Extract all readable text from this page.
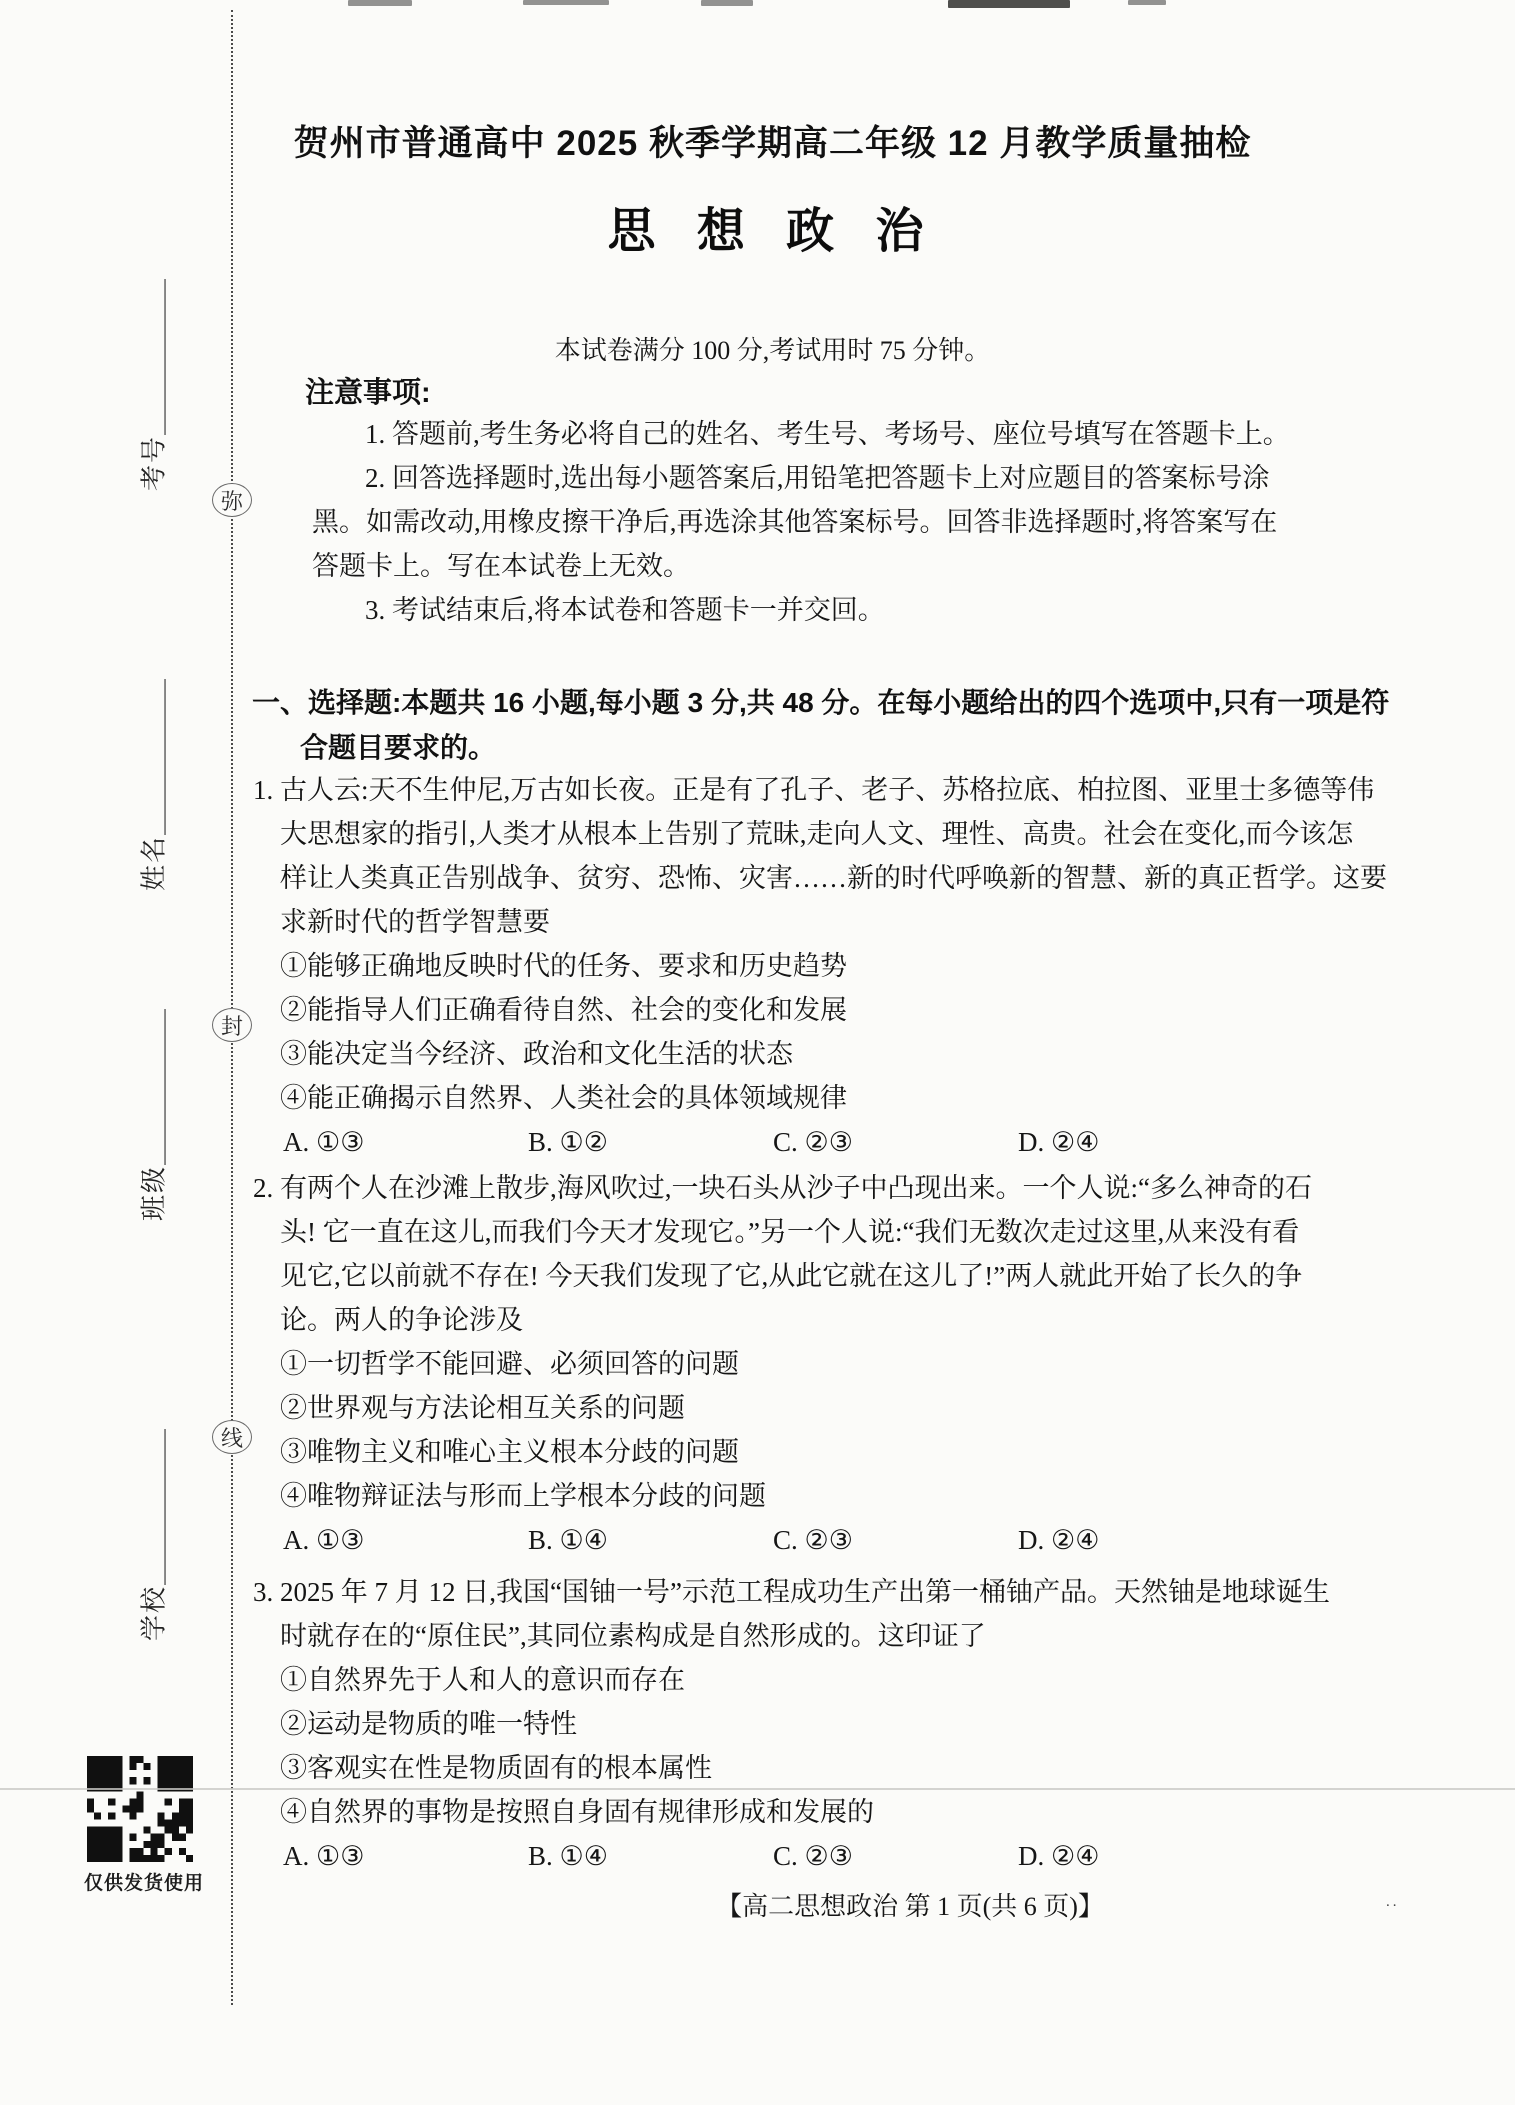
考号＿＿＿＿＿＿
姓名＿＿＿＿＿＿
班级＿＿＿＿＿＿
学校＿＿＿＿＿＿
弥
封
线
仅供发货使用
贺州市普通高中 2025 秋季学期高二年级 12 月教学质量抽检
思 想 政 治
本试卷满分 100 分,考试用时 75 分钟。
注意事项:
1. 答题前,考生务必将自己的姓名、考生号、考场号、座位号填写在答题卡上。
2. 回答选择题时,选出每小题答案后,用铅笔把答题卡上对应题目的答案标号涂
黑。如需改动,用橡皮擦干净后,再选涂其他答案标号。回答非选择题时,将答案写在
答题卡上。写在本试卷上无效。
3. 考试结束后,将本试卷和答题卡一并交回。
一、选择题:本题共 16 小题,每小题 3 分,共 48 分。在每小题给出的四个选项中,只有一项是符
合题目要求的。
1. 古人云:天不生仲尼,万古如长夜。正是有了孔子、老子、苏格拉底、柏拉图、亚里士多德等伟
大思想家的指引,人类才从根本上告别了荒昧,走向人文、理性、高贵。社会在变化,而今该怎
样让人类真正告别战争、贫穷、恐怖、灾害……新的时代呼唤新的智慧、新的真正哲学。这要
求新时代的哲学智慧要
①能够正确地反映时代的任务、要求和历史趋势
②能指导人们正确看待自然、社会的变化和发展
③能决定当今经济、政治和文化生活的状态
④能正确揭示自然界、人类社会的具体领域规律
A. ①③	B. ①②	C. ②③	D. ②④
2. 有两个人在沙滩上散步,海风吹过,一块石头从沙子中凸现出来。一个人说:“多么神奇的石
头! 它一直在这儿,而我们今天才发现它。”另一个人说:“我们无数次走过这里,从来没有看
见它,它以前就不存在! 今天我们发现了它,从此它就在这儿了!”两人就此开始了长久的争
论。两人的争论涉及
①一切哲学不能回避、必须回答的问题
②世界观与方法论相互关系的问题
③唯物主义和唯心主义根本分歧的问题
④唯物辩证法与形而上学根本分歧的问题
A. ①③	B. ①④	C. ②③	D. ②④
3. 2025 年 7 月 12 日,我国“国铀一号”示范工程成功生产出第一桶铀产品。天然铀是地球诞生
时就存在的“原住民”,其同位素构成是自然形成的。这印证了
①自然界先于人和人的意识而存在
②运动是物质的唯一特性
③客观实在性是物质固有的根本属性
④自然界的事物是按照自身固有规律形成和发展的
A. ①③	B. ①④	C. ②③	D. ②④
【高二思想政治 第 1 页(共 6 页)】	..
